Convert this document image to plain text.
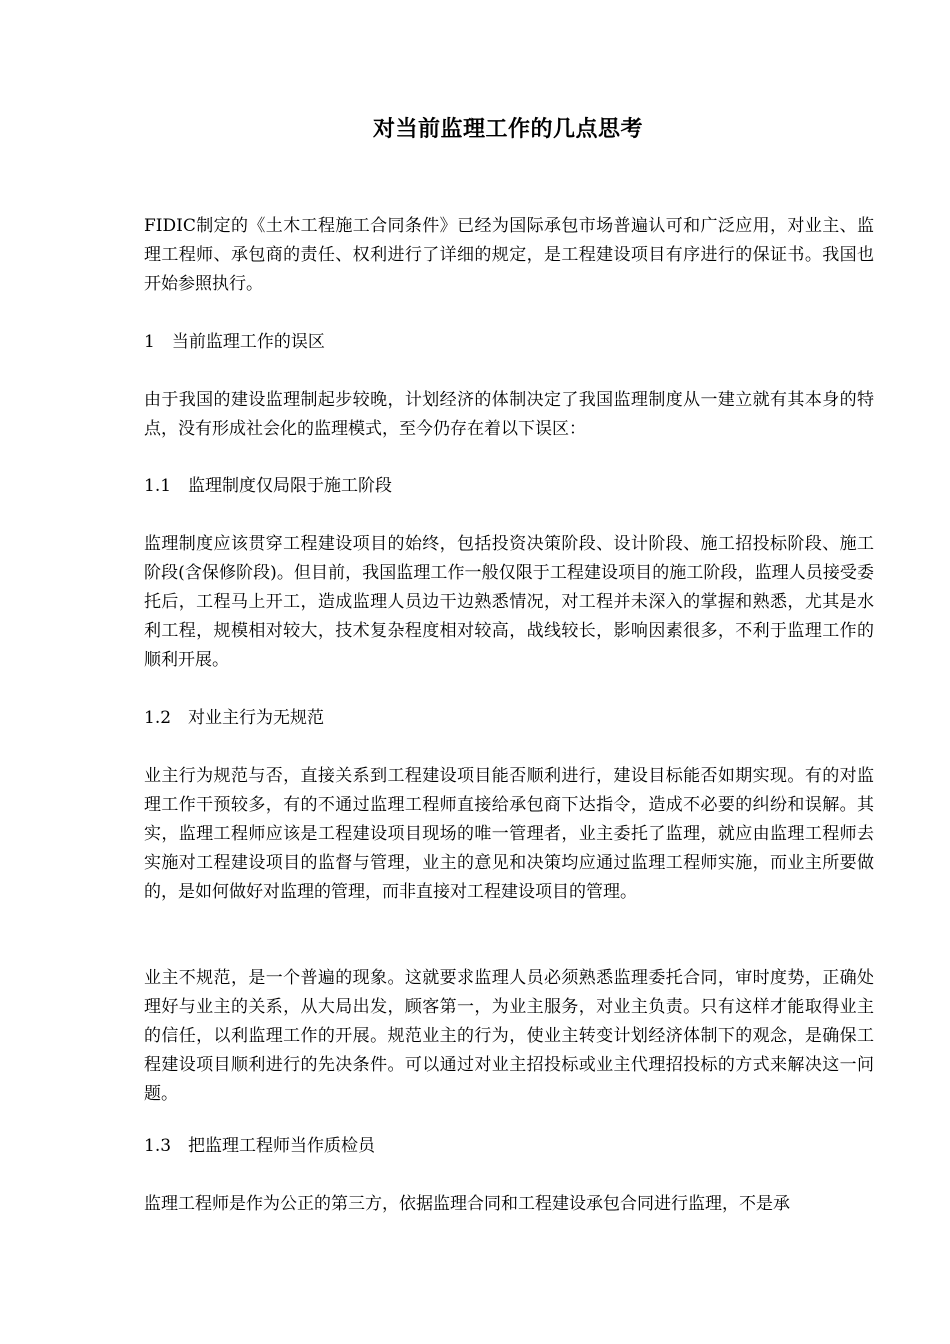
对当前监理工作的几点思考

FIDIC制定的《土木工程施工合同条件》已经为国际承包市场普遍认可和广泛应用，对业主、监理工程师、承包商的责任、权利进行了详细的规定，是工程建设项目有序进行的保证书。我国也开始参照执行。

1　当前监理工作的误区

由于我国的建设监理制起步较晚，计划经济的体制决定了我国监理制度从一建立就有其本身的特点，没有形成社会化的监理模式，至今仍存在着以下误区：

1.1　监理制度仅局限于施工阶段

监理制度应该贯穿工程建设项目的始终，包括投资决策阶段、设计阶段、施工招投标阶段、施工阶段(含保修阶段)。但目前，我国监理工作一般仅限于工程建设项目的施工阶段，监理人员接受委托后，工程马上开工，造成监理人员边干边熟悉情况，对工程并未深入的掌握和熟悉，尤其是水利工程，规模相对较大，技术复杂程度相对较高，战线较长，影响因素很多，不利于监理工作的顺利开展。

1.2　对业主行为无规范

业主行为规范与否，直接关系到工程建设项目能否顺利进行，建设目标能否如期实现。有的对监理工作干预较多，有的不通过监理工程师直接给承包商下达指令，造成不必要的纠纷和误解。其实，监理工程师应该是工程建设项目现场的唯一管理者，业主委托了监理，就应由监理工程师去实施对工程建设项目的监督与管理，业主的意见和决策均应通过监理工程师实施，而业主所要做的，是如何做好对监理的管理，而非直接对工程建设项目的管理。

业主不规范，是一个普遍的现象。这就要求监理人员必须熟悉监理委托合同，审时度势，正确处理好与业主的关系，从大局出发，顾客第一，为业主服务，对业主负责。只有这样才能取得业主的信任，以利监理工作的开展。规范业主的行为，使业主转变计划经济体制下的观念，是确保工程建设项目顺利进行的先决条件。可以通过对业主招投标或业主代理招投标的方式来解决这一问题。

1.3　把监理工程师当作质检员

监理工程师是作为公正的第三方，依据监理合同和工程建设承包合同进行监理，不是承
